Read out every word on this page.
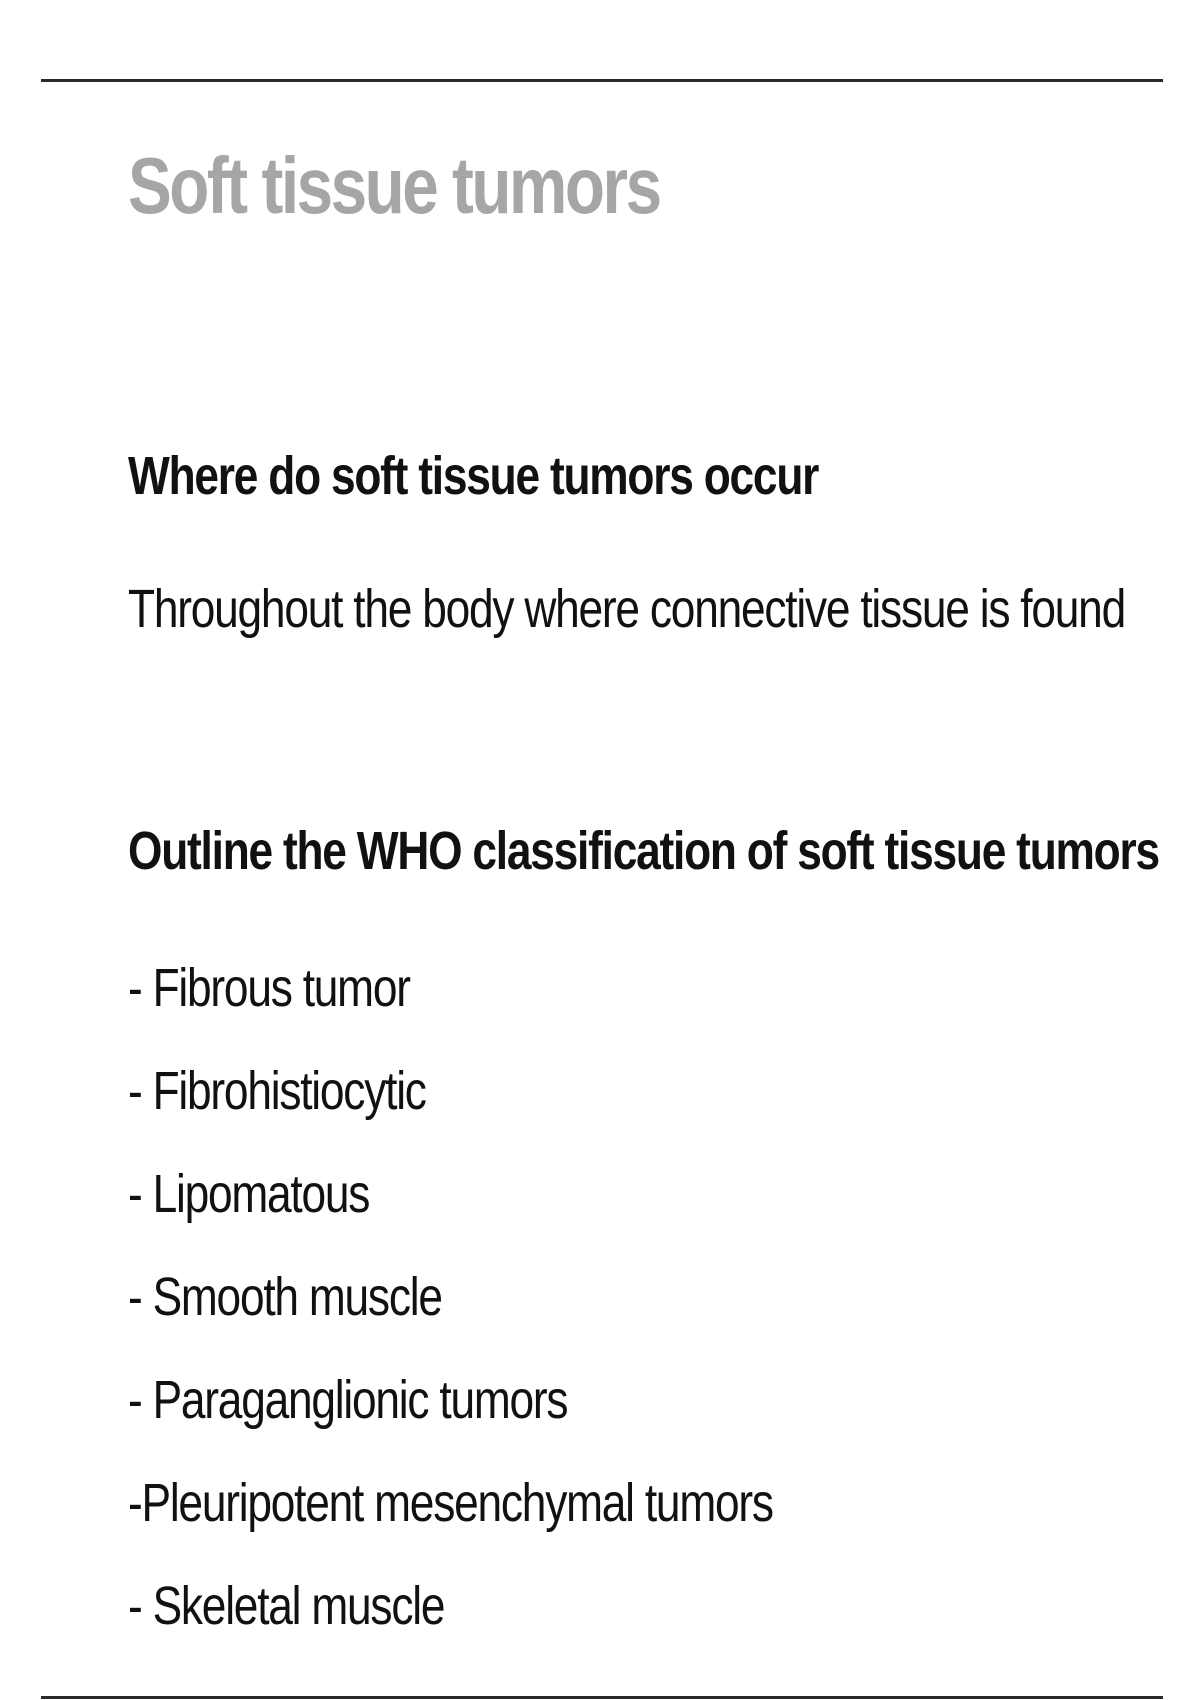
Soft tissue tumors
Where do soft tissue tumors occur

Throughout the body where connective tissue is found

Outline the WHO classification of soft tissue tumors
- Fibrous tumor
- Fibrohistiocytic
- Lipomatous
- Smooth muscle
- Paraganglionic tumors
-Pleuripotent mesenchymal tumors
- Skeletal muscle
